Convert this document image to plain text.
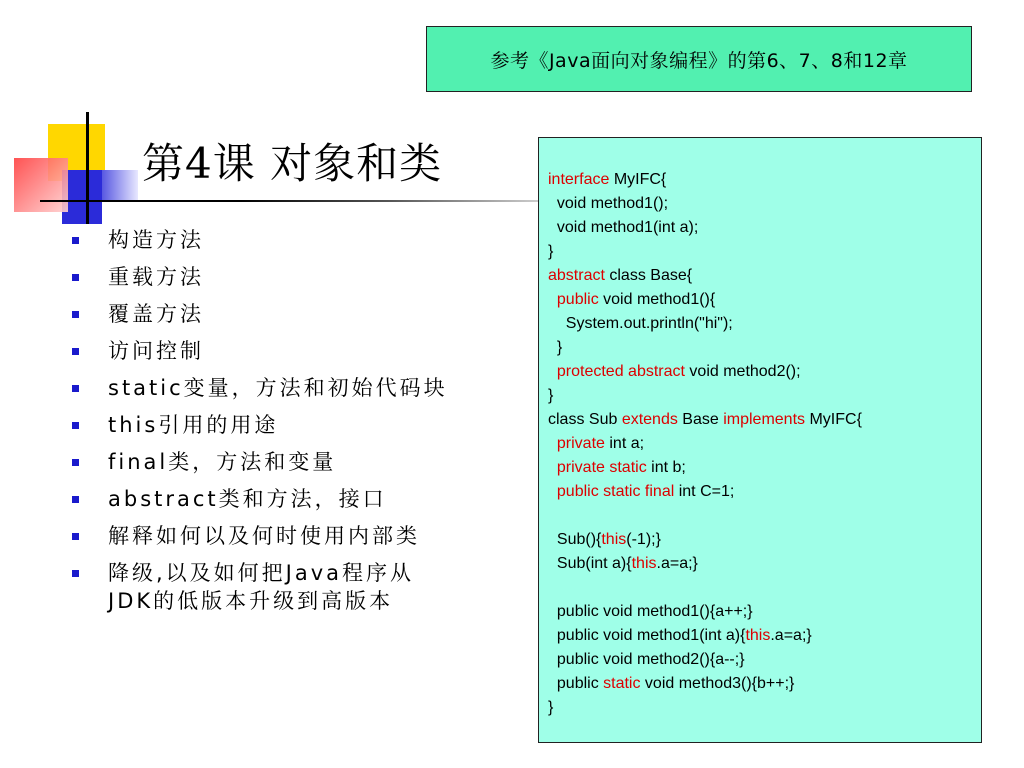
参考《Java面向对象编程》的第6、7、8和12章
第4课 对象和类
构造方法
重载方法
覆盖方法
访问控制
static变量，方法和初始代码块
this引用的用途
final类，方法和变量
abstract类和方法，接口
解释如何以及何时使用内部类
降级,以及如何把Java程序从JDK的低版本升级到高版本
interface MyIFC{
void method1();
void method1(int a);
}
abstract class Base{
public void method1(){
System.out.println("hi");
}
protected abstract void method2();
}
class Sub extends Base implements MyIFC{
private int a;
private static int b;
public static final int C=1;
Sub(){this(-1);}
Sub(int a){this.a=a;}
public void method1(){a++;}
public void method1(int a){this.a=a;}
public void method2(){a--;}
public static void method3(){b++;}
}
